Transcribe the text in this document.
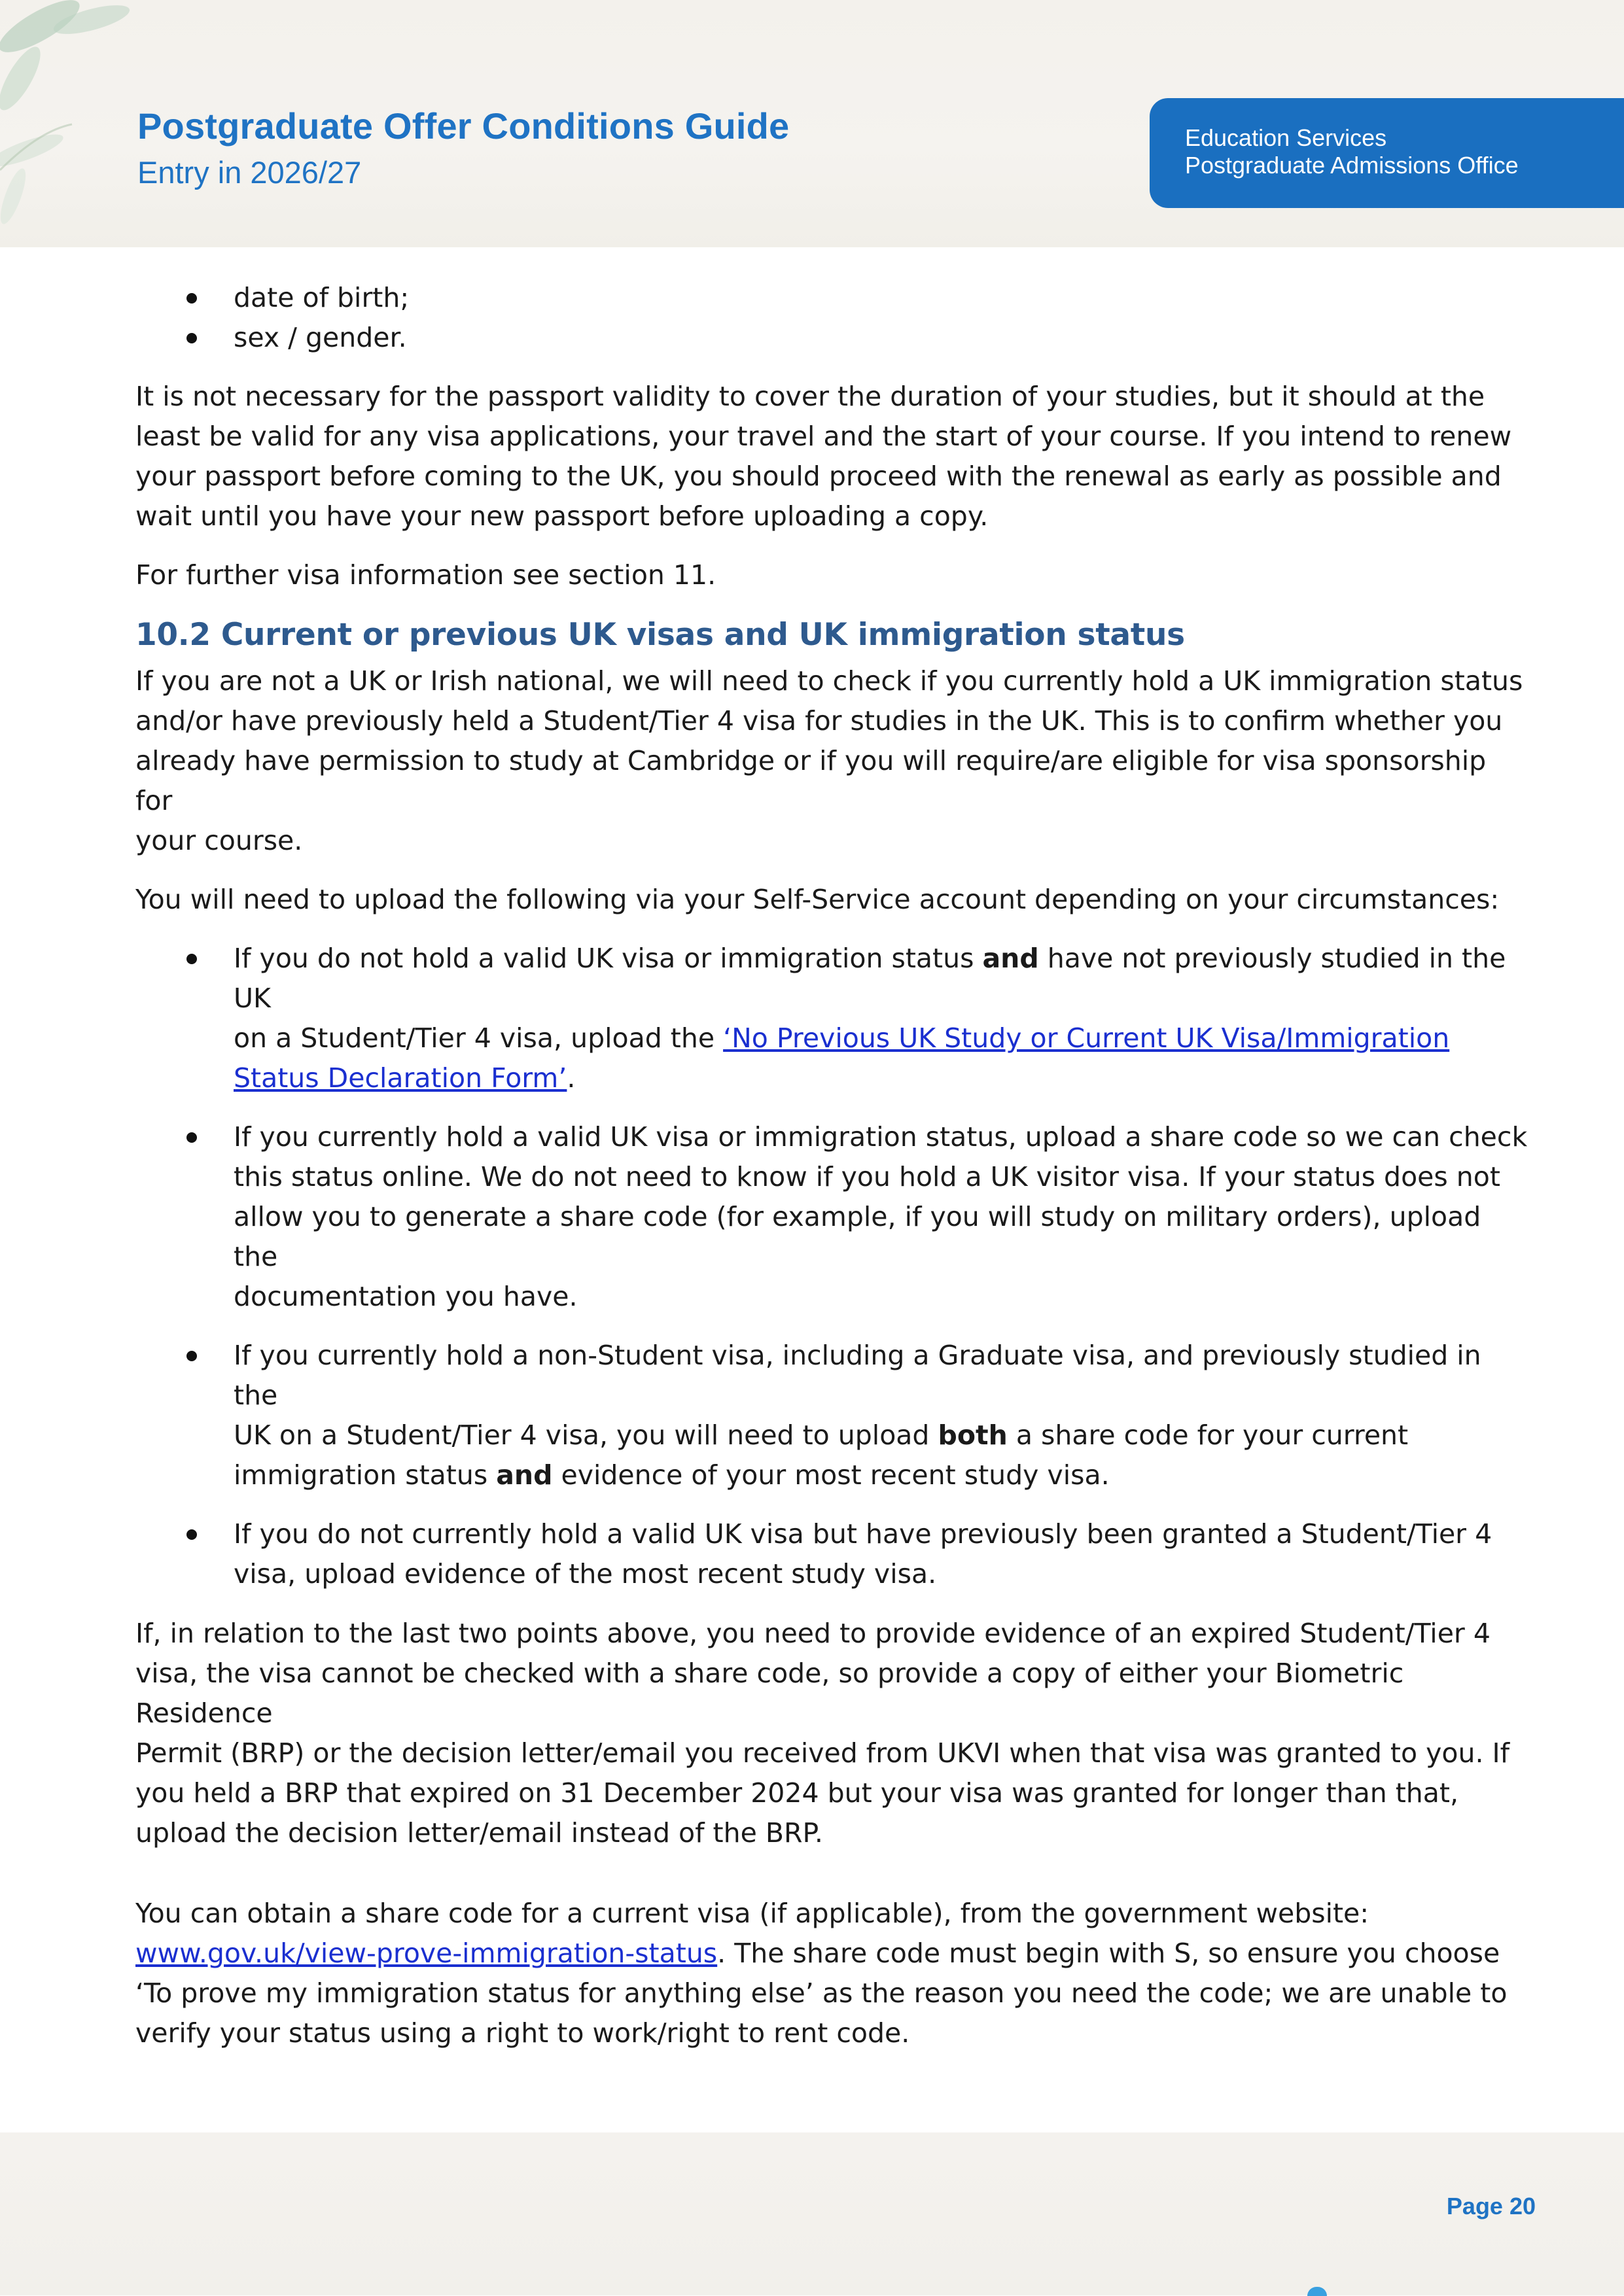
Postgraduate Offer Conditions Guide
Entry in 2026/27
Education Services
Postgraduate Admissions Office
date of birth;
sex / gender.

It is not necessary for the passport validity to cover the duration of your studies, but it should at the
least be valid for any visa applications, your travel and the start of your course. If you intend to renew
your passport before coming to the UK, you should proceed with the renewal as early as possible and
wait until you have your new passport before uploading a copy.

For further visa information see section 11.

10.2 Current or previous UK visas and UK immigration status

If you are not a UK or Irish national, we will need to check if you currently hold a UK immigration status
and/or have previously held a Student/Tier 4 visa for studies in the UK. This is to confirm whether you
already have permission to study at Cambridge or if you will require/are eligible for visa sponsorship for
your course.

You will need to upload the following via your Self-Service account depending on your circumstances:

If you do not hold a valid UK visa or immigration status and have not previously studied in the UK
on a Student/Tier 4 visa, upload the ‘No Previous UK Study or Current UK Visa/Immigration
Status Declaration Form’.
If you currently hold a valid UK visa or immigration status, upload a share code so we can check
this status online. We do not need to know if you hold a UK visitor visa. If your status does not
allow you to generate a share code (for example, if you will study on military orders), upload the
documentation you have.
If you currently hold a non-Student visa, including a Graduate visa, and previously studied in the
UK on a Student/Tier 4 visa, you will need to upload both a share code for your current
immigration status and evidence of your most recent study visa.
If you do not currently hold a valid UK visa but have previously been granted a Student/Tier 4
visa, upload evidence of the most recent study visa.

If, in relation to the last two points above, you need to provide evidence of an expired Student/Tier 4
visa, the visa cannot be checked with a share code, so provide a copy of either your Biometric Residence
Permit (BRP) or the decision letter/email you received from UKVI when that visa was granted to you. If
you held a BRP that expired on 31 December 2024 but your visa was granted for longer than that,
upload the decision letter/email instead of the BRP.

You can obtain a share code for a current visa (if applicable), from the government website:
www.gov.uk/view-prove-immigration-status. The share code must begin with S, so ensure you choose
‘To prove my immigration status for anything else’ as the reason you need the code; we are unable to
verify your status using a right to work/right to rent code.

Page 20
